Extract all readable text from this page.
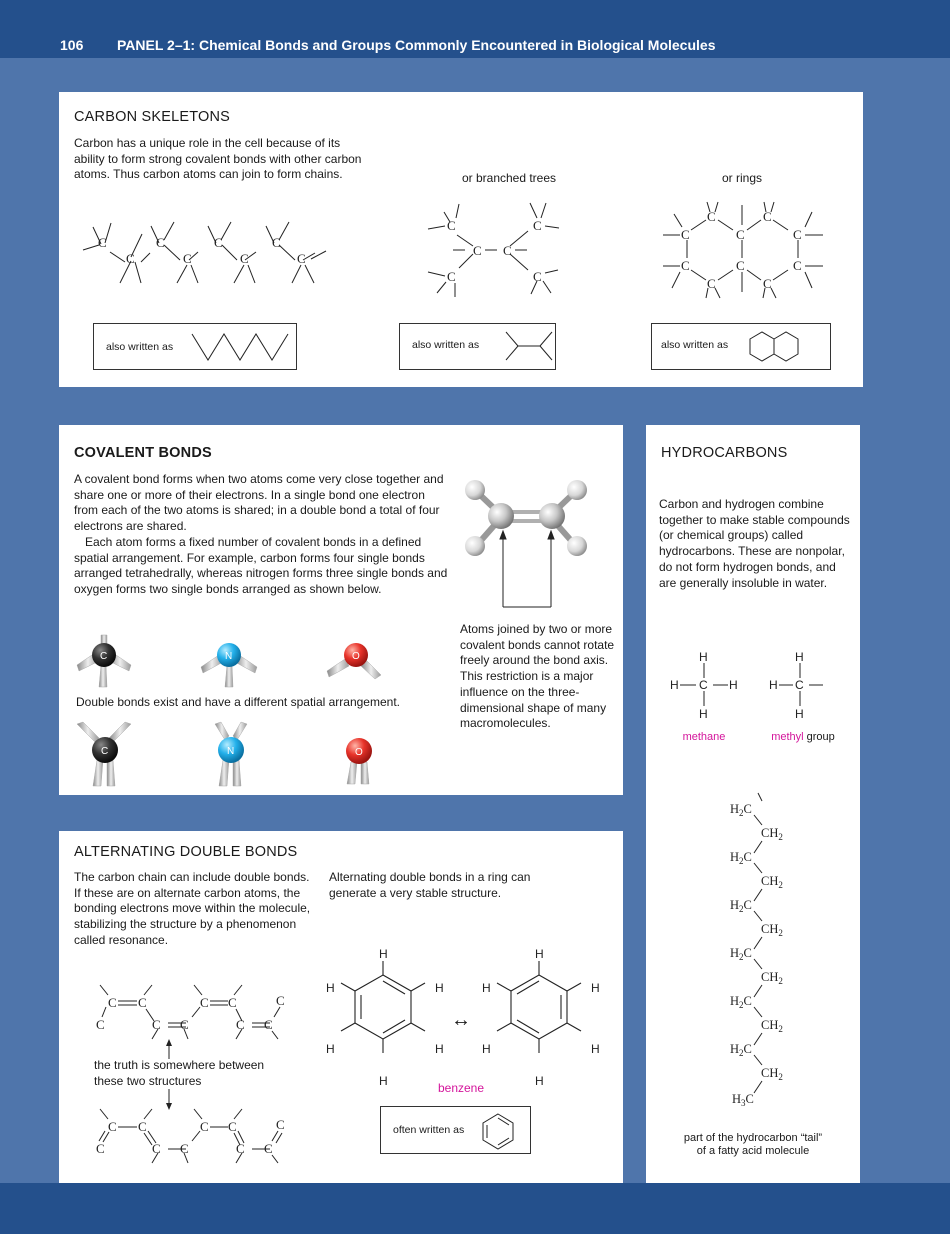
106 PANEL 2–1: Chemical Bonds and Groups Commonly Encountered in Biological Molecules
CARBON SKELETONS
Carbon has a unique role in the cell because of its ability to form strong covalent bonds with other carbon atoms. Thus carbon atoms can join to form chains.	or branched trees	or rings
C
C
C
C
C
C
C
C
C	C
C C
C	C
C	C
C	C	C
C	C	C
C	C
also written as	also written as	also written as
COVALENT BONDS
A covalent bond forms when two atoms come very close together and share one or more of their electrons. In a single bond one electron from each of the two atoms is shared; in a double bond a total of four electrons are shared.
Each atom forms a fixed number of covalent bonds in a defined spatial arrangement. For example, carbon forms four single bonds arranged tetrahedrally, whereas nitrogen forms three single bonds and oxygen forms two single bonds arranged as shown below.
Atoms joined by two or more covalent bonds cannot rotate freely around the bond axis. This restriction is a major influence on the three-dimensional shape of many macromolecules.
C	N	O
Double bonds exist and have a different spatial arrangement.
C	N	O
HYDROCARBONS
Carbon and hydrogen combine together to make stable compounds (or chemical groups) called hydrocarbons. These are nonpolar, do not form hydrogen bonds, and are generally insoluble in water.
H
H C H
H
H
H C
H
methane	methyl group
$H_2C$
$CH_2$
$H_2C$
$CH_2$
$H_2C$
$CH_2$
$H_2C$
$CH_2$
$H_2C$
$CH_2$
$H_2C$
$CH_2$
$H_3C$
part of the hydrocarbon “tail”
of a fatty acid molecule
ALTERNATING DOUBLE BONDS
The carbon chain can include double bonds. If these are on alternate carbon atoms, the bonding electrons move within the molecule, stabilizing the structure by a phenomenon called resonance.
Alternating double bonds in a ring can generate a very stable structure.
C C
C	C C
C C
C C
C
the truth is somewhere between
these two structures
C C
C	C C
C C
C C
C
H
H
H
H
H
H
↔
H
H
H
H
H
H
benzene
often written as
